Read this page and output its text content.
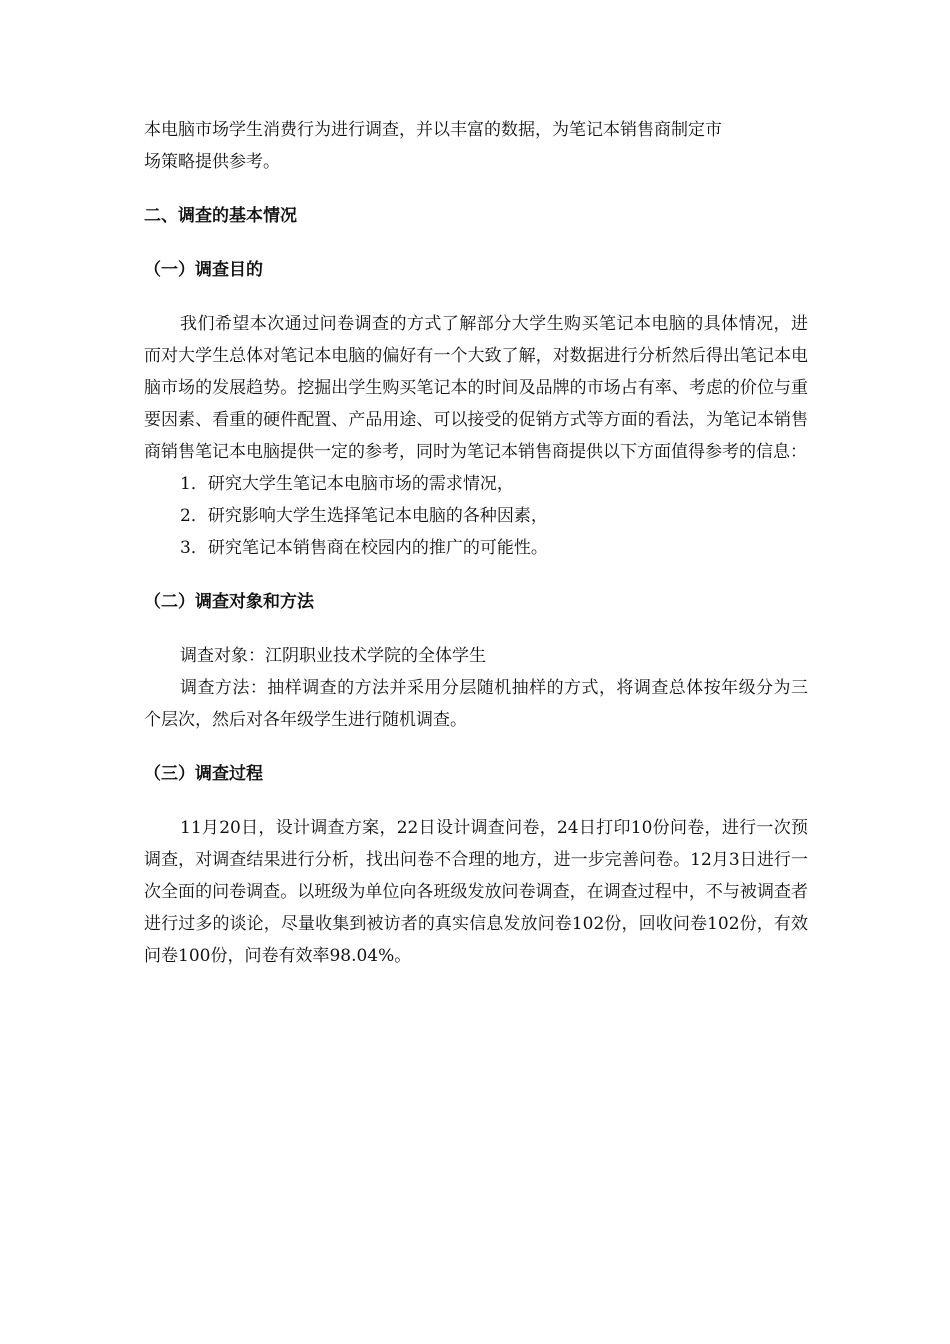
本电脑市场学生消费行为进行调查，并以丰富的数据，为笔记本销售商制定市
场策略提供参考。

二、调查的基本情况
（一）调查目的

我们希望本次通过问卷调查的方式了解部分大学生购买笔记本电脑的具体情况，进而对大学生总体对笔记本电脑的偏好有一个大致了解，对数据进行分析然后得出笔记本电脑市场的发展趋势。挖掘出学生购买笔记本的时间及品牌的市场占有率、考虑的价位与重要因素、看重的硬件配置、产品用途、可以接受的促销方式等方面的看法，为笔记本销售商销售笔记本电脑提供一定的参考，同时为笔记本销售商提供以下方面值得参考的信息：

1．研究大学生笔记本电脑市场的需求情况，

2．研究影响大学生选择笔记本电脑的各种因素，

3．研究笔记本销售商在校园内的推广的可能性。

（二）调查对象和方法

调查对象：江阴职业技术学院的全体学生

调查方法：抽样调查的方法并采用分层随机抽样的方式，将调查总体按年级分为三个层次，然后对各年级学生进行随机调查。

（三）调查过程

11月20日，设计调查方案，22日设计调查问卷，24日打印10份问卷，进行一次预调查，对调查结果进行分析，找出问卷不合理的地方，进一步完善问卷。12月3日进行一次全面的问卷调查。以班级为单位向各班级发放问卷调查，在调查过程中，不与被调查者进行过多的谈论，尽量收集到被访者的真实信息发放问卷102份，回收问卷102份，有效问卷100份，问卷有效率98.04%。
